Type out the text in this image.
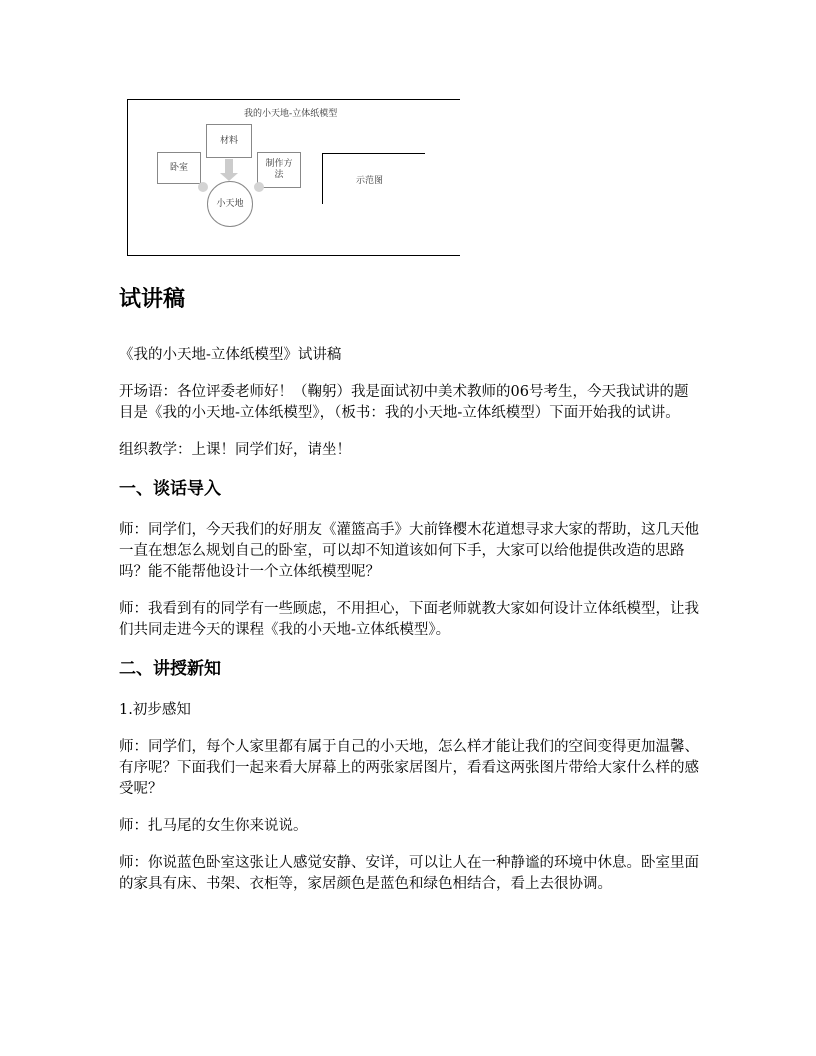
我的小天地-立体纸模型
材料
卧室	制作方法
小天地
示范图
试讲稿

《我的小天地-立体纸模型》试讲稿

开场语：各位评委老师好！（鞠躬）我是面试初中美术教师的06号考生，今天我试讲的题目是《我的小天地-立体纸模型》，（板书：我的小天地-立体纸模型）下面开始我的试讲。

组织教学：上课！同学们好，请坐！

一、谈话导入

师：同学们，今天我们的好朋友《灌篮高手》大前锋樱木花道想寻求大家的帮助，这几天他一直在想怎么规划自己的卧室，可以却不知道该如何下手，大家可以给他提供改造的思路吗？能不能帮他设计一个立体纸模型呢？

师：我看到有的同学有一些顾虑，不用担心，下面老师就教大家如何设计立体纸模型，让我们共同走进今天的课程《我的小天地-立体纸模型》。

二、讲授新知

1.初步感知

师：同学们，每个人家里都有属于自己的小天地，怎么样才能让我们的空间变得更加温馨、有序呢？下面我们一起来看大屏幕上的两张家居图片，看看这两张图片带给大家什么样的感受呢？

师：扎马尾的女生你来说说。

师：你说蓝色卧室这张让人感觉安静、安详，可以让人在一种静谧的环境中休息。卧室里面的家具有床、书架、衣柜等，家居颜色是蓝色和绿色相结合，看上去很协调。
